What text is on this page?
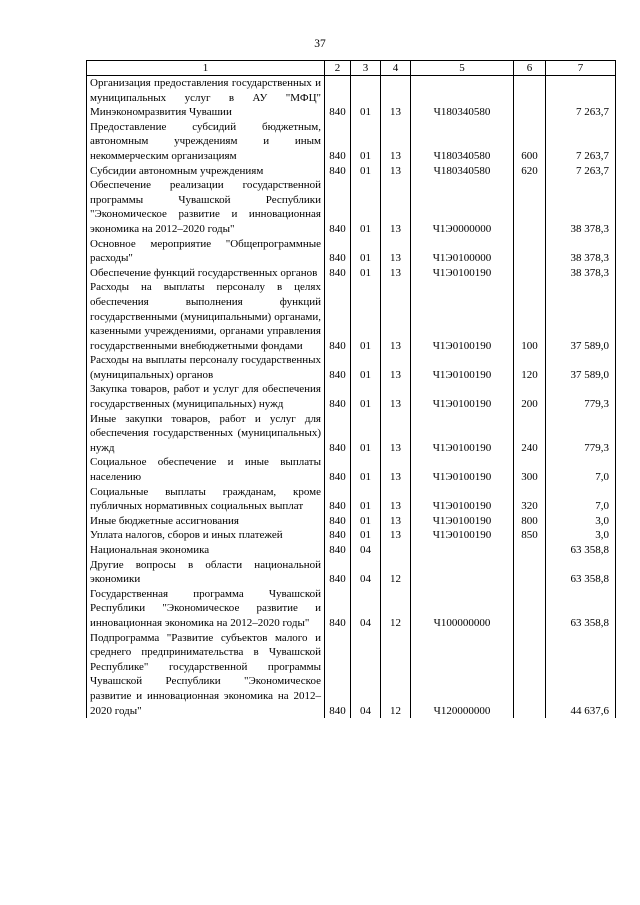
37
1	2	3	4	5	6	7
Организация предоставления государственных и муниципальных услуг в АУ "МФЦ" Минэкономразвития Чувашии	840	01	13	Ч180340580		7 263,7
Предоставление субсидий бюджетным, автономным учреждениям и иным некоммерческим организациям	840	01	13	Ч180340580	600	7 263,7
Субсидии автономным учреждениям	840	01	13	Ч180340580	620	7 263,7
Обеспечение реализации государственной программы Чувашской Республики "Экономическое развитие и инновационная экономика на 2012–2020 годы"	840	01	13	Ч1Э0000000		38 378,3
Основное мероприятие "Общепрограммные расходы"	840	01	13	Ч1Э0100000		38 378,3
Обеспечение функций государственных органов	840	01	13	Ч1Э0100190		38 378,3
Расходы на выплаты персоналу в целях обеспечения выполнения функций государственными (муниципальными) органами, казенными учреждениями, органами управления государственными внебюджетными фондами	840	01	13	Ч1Э0100190	100	37 589,0
Расходы на выплаты персоналу государственных (муниципальных) органов	840	01	13	Ч1Э0100190	120	37 589,0
Закупка товаров, работ и услуг для обеспечения государственных (муниципальных) нужд	840	01	13	Ч1Э0100190	200	779,3
Иные закупки товаров, работ и услуг для обеспечения государственных (муниципальных) нужд	840	01	13	Ч1Э0100190	240	779,3
Социальное обеспечение и иные выплаты населению	840	01	13	Ч1Э0100190	300	7,0
Социальные выплаты гражданам, кроме публичных нормативных социальных выплат	840	01	13	Ч1Э0100190	320	7,0
Иные бюджетные ассигнования	840	01	13	Ч1Э0100190	800	3,0
Уплата налогов, сборов и иных платежей	840	01	13	Ч1Э0100190	850	3,0
Национальная экономика	840	04				63 358,8
Другие вопросы в области национальной экономики	840	04	12			63 358,8
Государственная программа Чувашской Республики "Экономическое развитие и инновационная экономика на 2012–2020 годы"	840	04	12	Ч100000000		63 358,8
Подпрограмма "Развитие субъектов малого и среднего предпринимательства в Чувашской Республике" государственной программы Чувашской Республики "Экономическое развитие и инновационная экономика на 2012–2020 годы"	840	04	12	Ч120000000		44 637,6
